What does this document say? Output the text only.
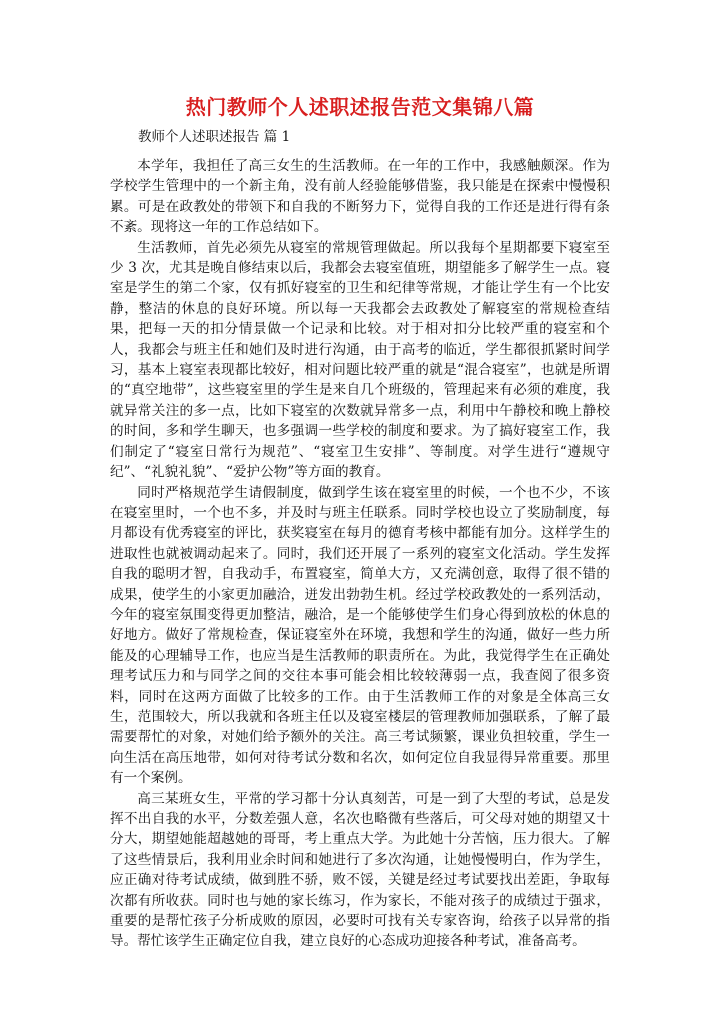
热门教师个人述职述报告范文集锦八篇
教师个人述职述报告 篇 1

本学年，我担任了高三女生的生活教师。在一年的工作中，我感触颇深。作为学校学生管理中的一个新主角，没有前人经验能够借鉴，我只能是在探索中慢慢积累。可是在政教处的带领下和自我的不断努力下，觉得自我的工作还是进行得有条不紊。现将这一年的工作总结如下。

生活教师，首先必须先从寝室的常规管理做起。所以我每个星期都要下寝室至少 3 次，尤其是晚自修结束以后，我都会去寝室值班，期望能多了解学生一点。寝室是学生的第二个家，仅有抓好寝室的卫生和纪律等常规，才能让学生有一个比安静，整洁的休息的良好环境。所以每一天我都会去政教处了解寝室的常规检查结果，把每一天的扣分情景做一个记录和比较。对于相对扣分比较严重的寝室和个人，我都会与班主任和她们及时进行沟通，由于高考的临近，学生都很抓紧时间学习，基本上寝室表现都比较好，相对问题比较严重的就是“混合寝室”，也就是所谓的“真空地带”，这些寝室里的学生是来自几个班级的，管理起来有必须的难度，我就异常关注的多一点，比如下寝室的次数就异常多一点，利用中午静校和晚上静校的时间，多和学生聊天，也多强调一些学校的制度和要求。为了搞好寝室工作，我们制定了“寝室日常行为规范”、“寝室卫生安排”、等制度。对学生进行“遵规守纪”、“礼貌礼貌”、“爱护公物”等方面的教育。

同时严格规范学生请假制度，做到学生该在寝室里的时候，一个也不少，不该在寝室里时，一个也不多，并及时与班主任联系。同时学校也设立了奖励制度，每月都设有优秀寝室的评比，获奖寝室在每月的德育考核中都能有加分。这样学生的进取性也就被调动起来了。同时，我们还开展了一系列的寝室文化活动。学生发挥自我的聪明才智，自我动手，布置寝室，简单大方，又充满创意，取得了很不错的成果，使学生的小家更加融洽，迸发出勃勃生机。经过学校政教处的一系列活动，今年的寝室氛围变得更加整洁，融洽，是一个能够使学生们身心得到放松的休息的好地方。做好了常规检查，保证寝室外在环境，我想和学生的沟通，做好一些力所能及的心理辅导工作，也应当是生活教师的职责所在。为此，我觉得学生在正确处理考试压力和与同学之间的交往本事可能会相比较较薄弱一点，我查阅了很多资料，同时在这两方面做了比较多的工作。由于生活教师工作的对象是全体高三女生，范围较大，所以我就和各班主任以及寝室楼层的管理教师加强联系，了解了最需要帮忙的对象，对她们给予额外的关注。高三考试频繁，课业负担较重，学生一向生活在高压地带，如何对待考试分数和名次，如何定位自我显得异常重要。那里有一个案例。

高三某班女生，平常的学习都十分认真刻苦，可是一到了大型的考试，总是发挥不出自我的水平，分数差强人意，名次也略微有些落后，可父母对她的期望又十分大，期望她能超越她的哥哥，考上重点大学。为此她十分苦恼，压力很大。了解了这些情景后，我利用业余时间和她进行了多次沟通，让她慢慢明白，作为学生，应正确对待考试成绩，做到胜不骄，败不馁，关键是经过考试要找出差距，争取每次都有所收获。同时也与她的家长练习，作为家长，不能对孩子的成绩过于强求，重要的是帮忙孩子分析成败的原因，必要时可找有关专家咨询，给孩子以异常的指导。帮忙该学生正确定位自我，建立良好的心态成功迎接各种考试，准备高考。
